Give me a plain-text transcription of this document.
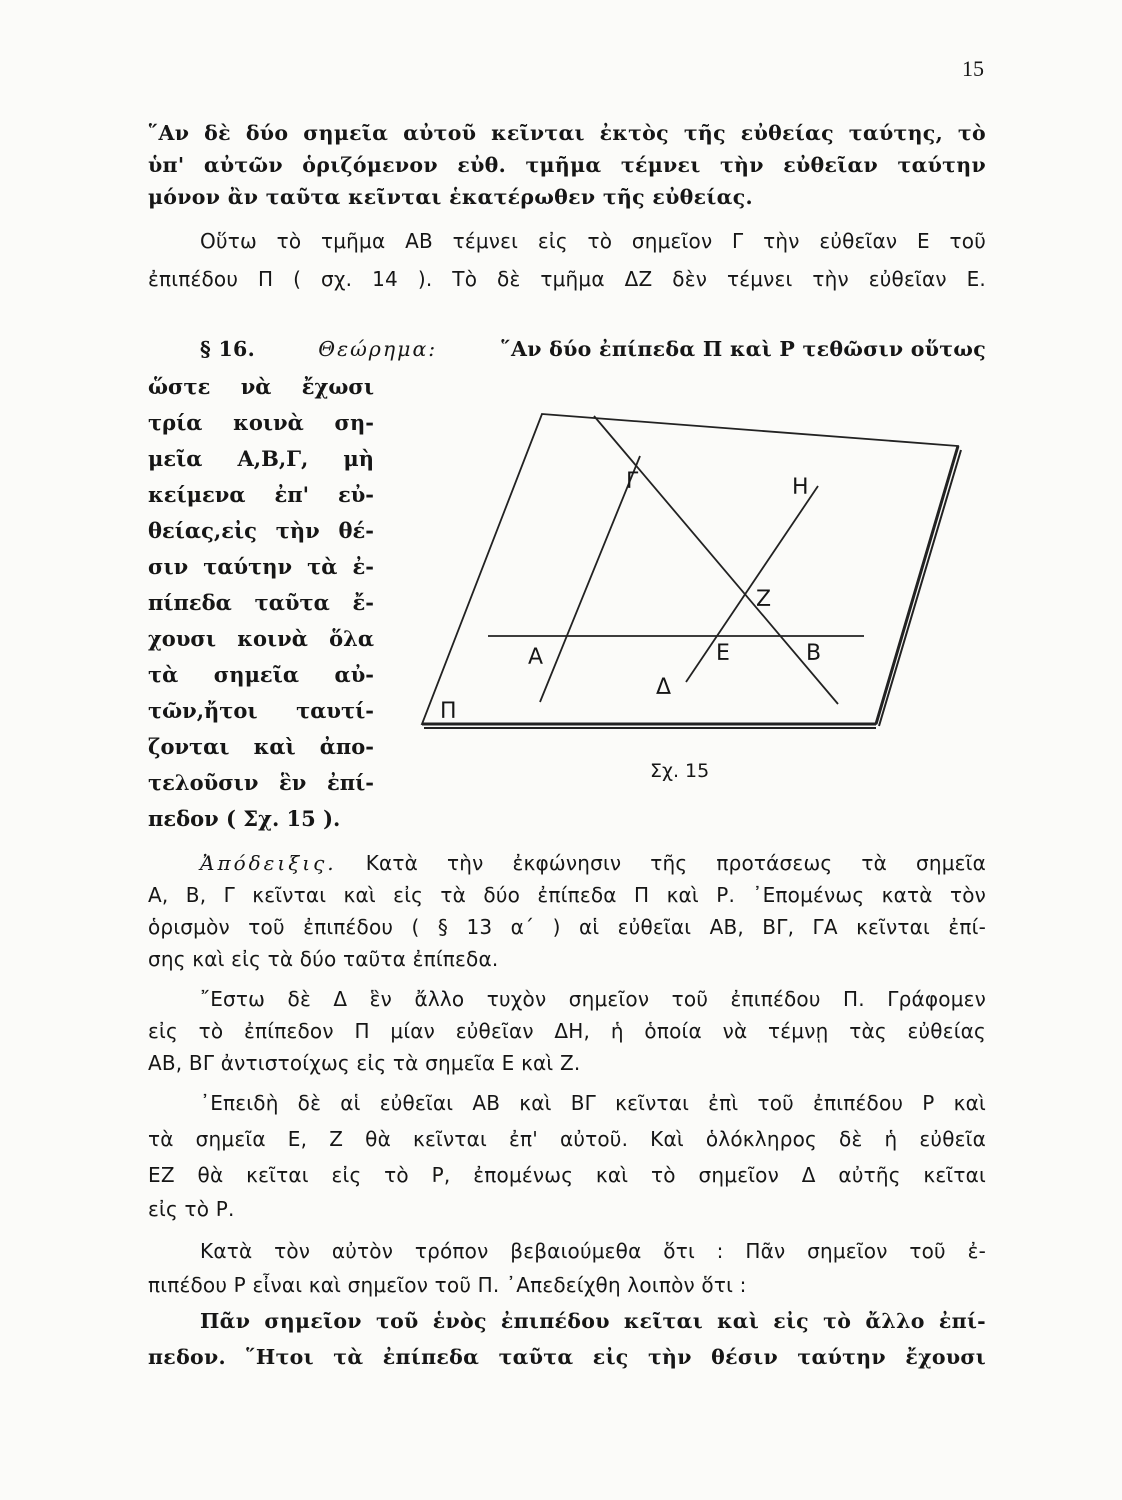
15
῞Αν δὲ δύο σημεῖα αὐτοῦ κεῖνται ἐκτὸς τῆς εὐθείας ταύτης, τὸ
ὑπ' αὐτῶν ὁριζόμενον εὐθ. τμῆμα τέμνει τὴν εὐθεῖαν ταύτην
μόνον ἂν ταῦτα κεῖνται ἑκατέρωθεν τῆς εὐθείας.
Οὕτω τὸ τμῆμα ΑΒ τέμνει εἰς τὸ σημεῖον Γ τὴν εὐθεῖαν Ε τοῦ
ἐπιπέδου Π ( σχ. 14 ). Τὸ δὲ τμῆμα ΔΖ δὲν τέμνει τὴν εὐθεῖαν Ε.
§ 16.	Θεώρημα:	῞Αν δύο ἐπίπεδα Π καὶ Ρ τεθῶσιν οὕτως
ὥστε νὰ ἔχωσι
τρία κοινὰ ση-
μεῖα Α,Β,Γ, μὴ
κείμενα ἐπ' εὐ-
θείας,εἰς τὴν θέ-
σιν ταύτην τὰ ἐ-
πίπεδα ταῦτα ἔ-
χουσι κοινὰ ὅλα
τὰ σημεῖα αὐ-
τῶν,ἤτοι ταυτί-
ζονται καὶ ἀπο-
τελοῦσιν ἓν ἐπί-
πεδον ( Σχ. 15 ).
Γ	Η
Ζ
Α	Ε	Β
Δ
Π
Σχ. 15
Ἀπόδειξις. Κατὰ τὴν ἐκφώνησιν τῆς προτάσεως τὰ σημεῖα
Α, Β, Γ κεῖνται καὶ εἰς τὰ δύο ἐπίπεδα Π καὶ Ρ. ᾿Επομένως κατὰ τὸν
ὁρισμὸν τοῦ ἐπιπέδου ( § 13 α΄ ) αἱ εὐθεῖαι ΑΒ, ΒΓ, ΓΑ κεῖνται ἐπί-
σης καὶ εἰς τὰ δύο ταῦτα ἐπίπεδα.
῎Εστω δὲ Δ ἓν ἄλλο τυχὸν σημεῖον τοῦ ἐπιπέδου Π. Γράφομεν
εἰς τὸ ἐπίπεδον Π μίαν εὐθεῖαν ΔΗ, ἡ ὁποία νὰ τέμνῃ τὰς εὐθείας
ΑΒ, ΒΓ ἀντιστοίχως εἰς τὰ σημεῖα Ε καὶ Ζ.
᾿Επειδὴ δὲ αἱ εὐθεῖαι ΑΒ καὶ ΒΓ κεῖνται ἐπὶ τοῦ ἐπιπέδου Ρ καὶ
τὰ σημεῖα Ε, Ζ θὰ κεῖνται ἐπ' αὐτοῦ. Καὶ ὁλόκληρος δὲ ἡ εὐθεῖα
ΕΖ θὰ κεῖται εἰς τὸ Ρ, ἐπομένως καὶ τὸ σημεῖον Δ αὐτῆς κεῖται
εἰς τὸ Ρ.
Κατὰ τὸν αὐτὸν τρόπον βεβαιούμεθα ὅτι : Πᾶν σημεῖον τοῦ ἐ-
πιπέδου Ρ εἶναι καὶ σημεῖον τοῦ Π. ᾿Απεδείχθη λοιπὸν ὅτι :
Πᾶν σημεῖον τοῦ ἑνὸς ἐπιπέδου κεῖται καὶ εἰς τὸ ἄλλο ἐπί-
πεδον. ῞Ητοι τὰ ἐπίπεδα ταῦτα εἰς τὴν θέσιν ταύτην ἔχουσι
